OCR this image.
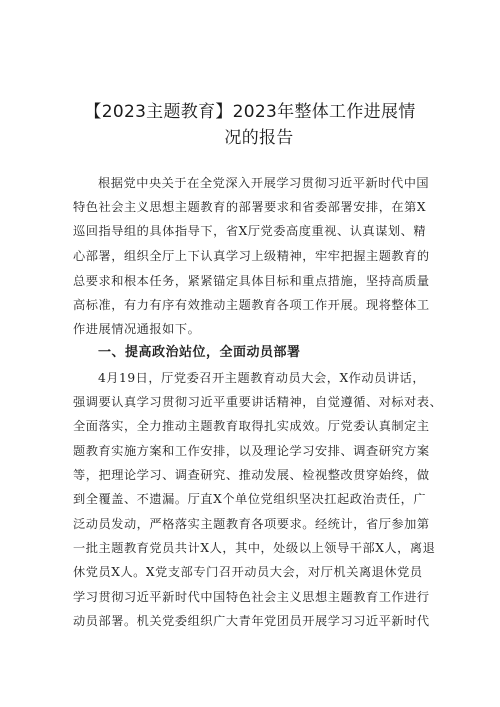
【2023主题教育】2023年整体工作进展情
况的报告
根据党中央关于在全党深入开展学习贯彻习近平新时代中国
特色社会主义思想主题教育的部署要求和省委部署安排，在第X
巡回指导组的具体指导下，省X厅党委高度重视、认真谋划、精
心部署，组织全厅上下认真学习上级精神，牢牢把握主题教育的
总要求和根本任务，紧紧锚定具体目标和重点措施，坚持高质量
高标准，有力有序有效推动主题教育各项工作开展。现将整体工
作进展情况通报如下。
一、提高政治站位，全面动员部署
4月19日，厅党委召开主题教育动员大会，X作动员讲话，
强调要认真学习贯彻习近平重要讲话精神，自觉遵循、对标对表、
全面落实，全力推动主题教育取得扎实成效。厅党委认真制定主
题教育实施方案和工作安排，以及理论学习安排、调查研究方案
等，把理论学习、调查研究、推动发展、检视整改贯穿始终，做
到全覆盖、不遗漏。厅直X个单位党组织坚决扛起政治责任，广
泛动员发动，严格落实主题教育各项要求。经统计，省厅参加第
一批主题教育党员共计X人，其中，处级以上领导干部X人，离退
休党员X人。X党支部专门召开动员大会，对厅机关离退休党员
学习贯彻习近平新时代中国特色社会主义思想主题教育工作进行
动员部署。机关党委组织广大青年党团员开展学习习近平新时代
